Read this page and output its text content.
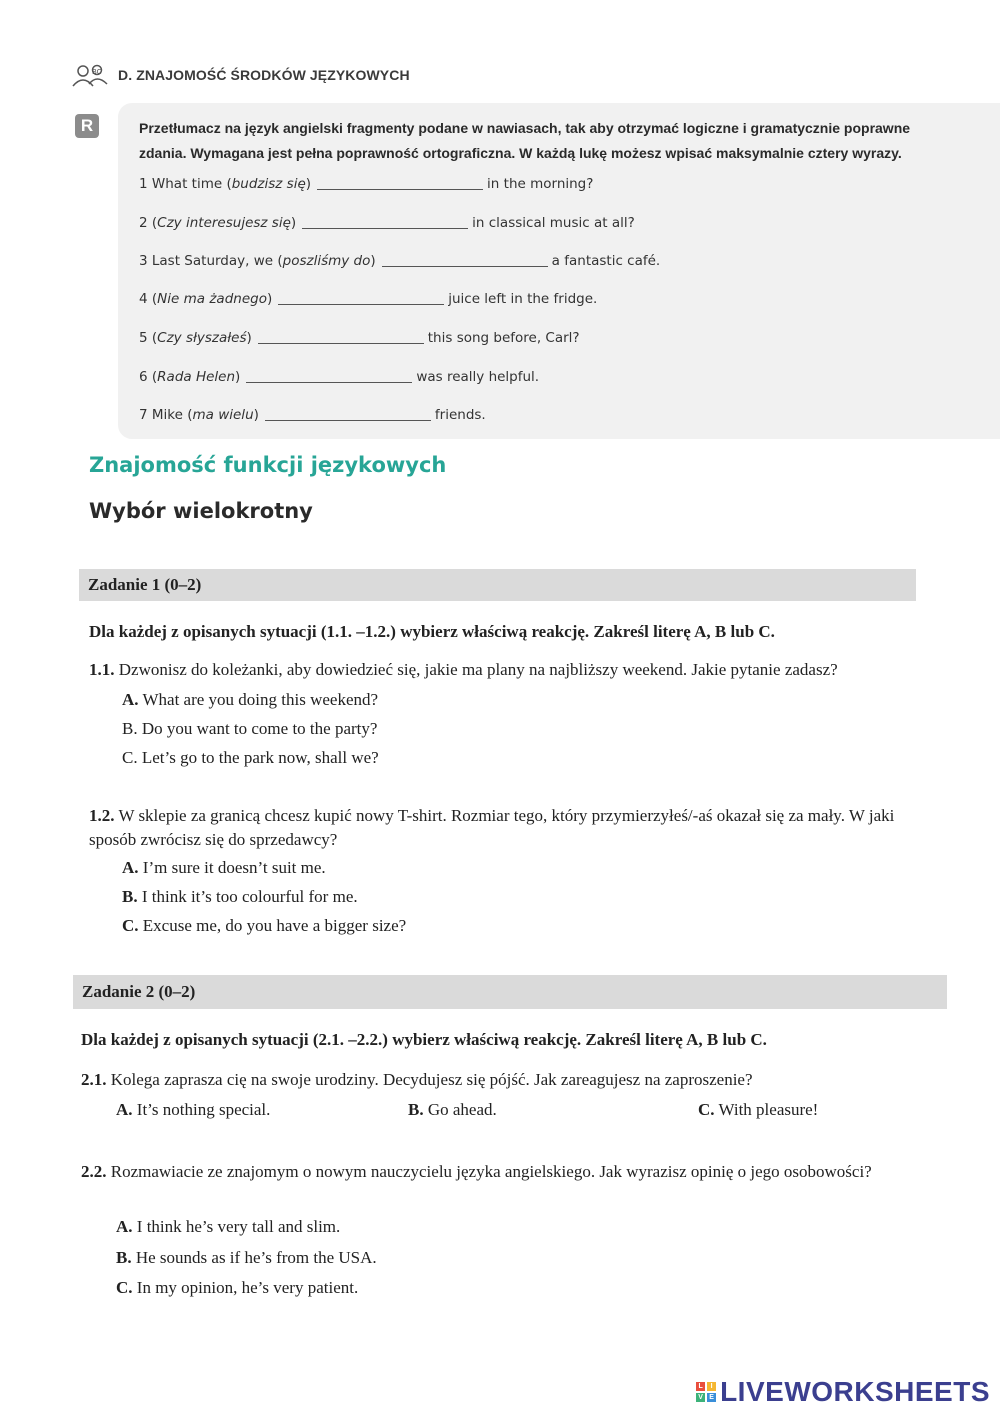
BC D. ZNAJOMOŚĆ ŚRODKÓW JĘZYKOWYCH
R	Przetłumacz na język angielski fragmenty podane w nawiasach, tak aby otrzymać logiczne i gramatycznie poprawne zdania. Wymagana jest pełna poprawność ortograficzna. W każdą lukę możesz wpisać maksymalnie cztery wyrazy.
1
What time ( budzisz się )	in the morning?
2
( Czy interesujesz się )	in classical music at all?
3
Last Saturday, we ( poszliśmy do )	a fantastic café.
4
( Nie ma żadnego )	juice left in the fridge.
5
( Czy słyszałeś )	this song before, Carl?
6
( Rada Helen )	was really helpful.
7
Mike ( ma wielu )	friends.
Znajomość funkcji językowych
Wybór wielokrotny
Zadanie 1 (0–2)
Dla każdej z opisanych sytuacji (1.1. –1.2.) wybierz właściwą reakcję. Zakreśl literę A, B lub C.
1.1. Dzwonisz do koleżanki, aby dowiedzieć się, jakie ma plany na najbliższy weekend. Jakie pytanie zadasz?
A. What are you doing this weekend?
B. Do you want to come to the party?
C. Let’s go to the park now, shall we?
1.2. W sklepie za granicą chcesz kupić nowy T-shirt. Rozmiar tego, który przymierzyłeś/-aś okazał się za mały. W jaki sposób zwrócisz się do sprzedawcy?
A. I’m sure it doesn’t suit me.
B. I think it’s too colourful for me.
C. Excuse me, do you have a bigger size?
Zadanie 2 (0–2)
Dla każdej z opisanych sytuacji (2.1. –2.2.) wybierz właściwą reakcję. Zakreśl literę A, B lub C.
2.1. Kolega zaprasza cię na swoje urodziny. Decydujesz się pójść. Jak zareagujesz na zaproszenie?
A. It’s nothing special.	B. Go ahead.	C. With pleasure!
2.2. Rozmawiacie ze znajomym o nowym nauczycielu języka angielskiego. Jak wyrazisz opinię o jego osobowości?
A. I think he’s very tall and slim.
B. He sounds as if he’s from the USA.
C. In my opinion, he’s very patient.
L	I
V E LIVEWORKSHEETS
